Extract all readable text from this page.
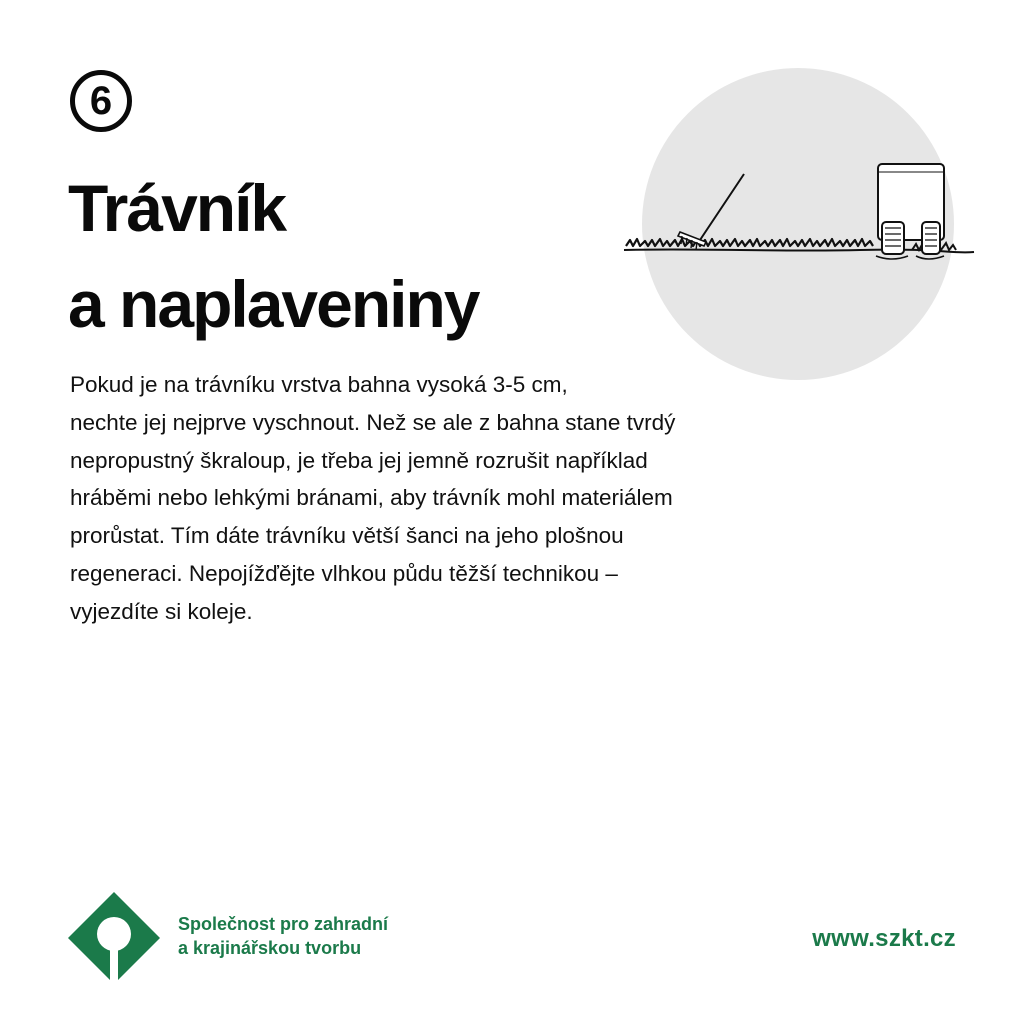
6
Trávník
a naplaveniny

Pokud je na trávníku vrstva bahna vysoká 3-5 cm,
nechte jej nejprve vyschnout. Než se ale z bahna stane tvrdý
nepropustný škraloup, je třeba jej jemně rozrušit například
hráběmi nebo lehkými bránami, aby trávník mohl materiálem
prorůstat. Tím dáte trávníku větší šanci na jeho plošnou
regeneraci. Nepojížďějte vlhkou půdu těžší technikou –
vyjezdíte si koleje.

Společnost pro zahradní
a krajinářskou tvorbu	www.szkt.cz
